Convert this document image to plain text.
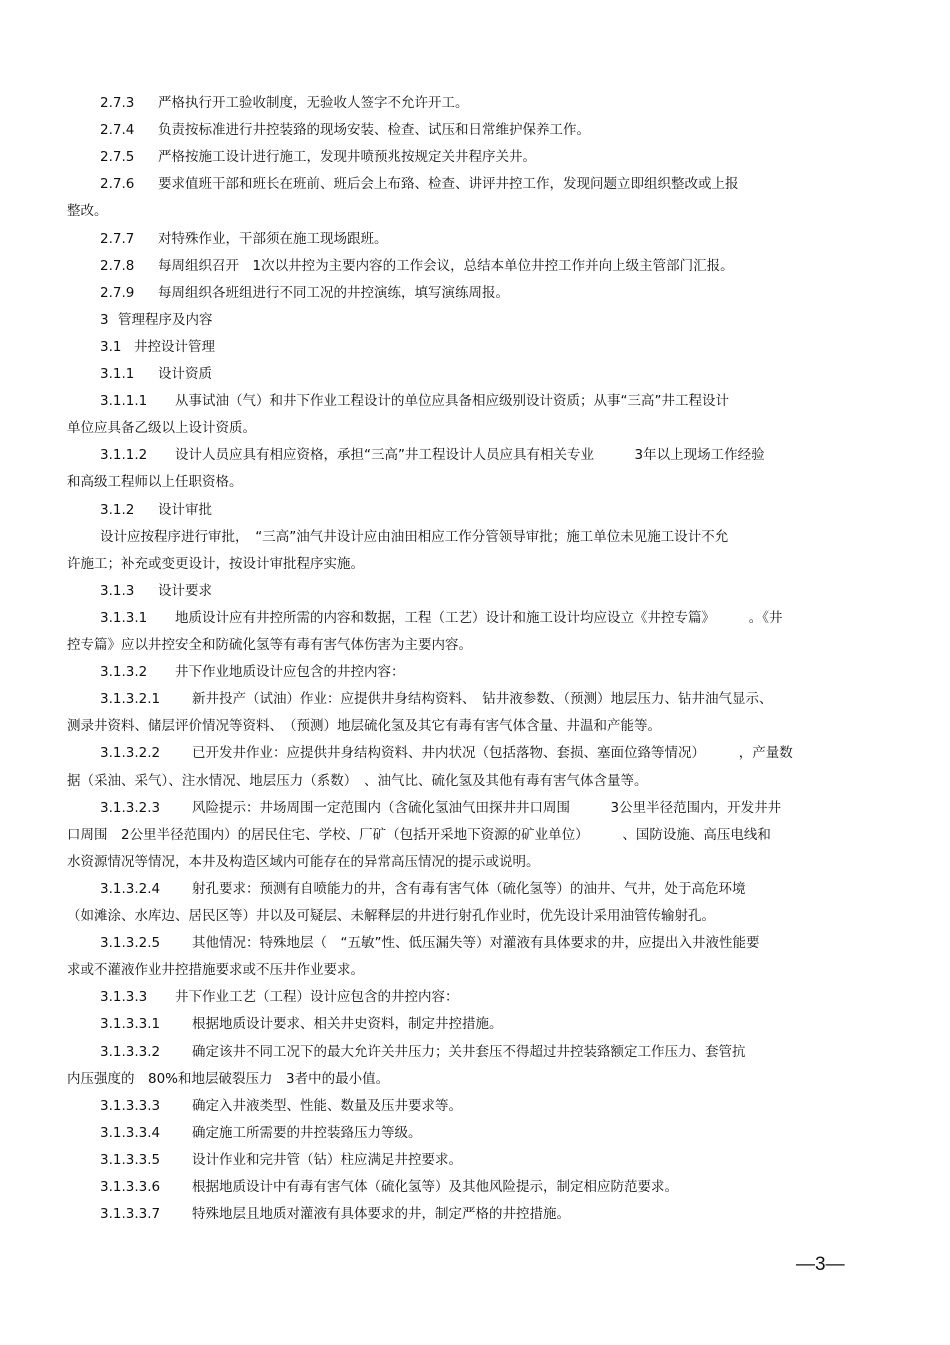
2.7.3 严格执行开工验收制度，无验收人签字不允许开工。
2.7.4 负责按标准进行井控装臵的现场安装、检查、试压和日常维护保养工作。
2.7.5 严格按施工设计进行施工，发现井喷预兆按规定关井程序关井。
2.7.6 要求值班干部和班长在班前、班后会上布臵、检查、讲评井控工作，发现问题立即组织整改或上报
整改。
2.7.7 对特殊作业，干部须在施工现场跟班。
2.7.8 每周组织召开　1次以井控为主要内容的工作会议，总结本单位井控工作并向上级主管部门汇报。
2.7.9 每周组织各班组进行不同工况的井控演练，填写演练周报。
3 管理程序及内容
3.1 井控设计管理
3.1.1 设计资质
3.1.1.1 从事试油（气）和井下作业工程设计的单位应具备相应级别设计资质；从事“三高”井工程设计
单位应具备乙级以上设计资质。
3.1.1.2 设计人员应具有相应资格，承担“三高”井工程设计人员应具有相关专业　　　3年以上现场工作经验
和高级工程师以上任职资格。
3.1.2 设计审批
设计应按程序进行审批，　“三高”油气井设计应由油田相应工作分管领导审批；施工单位未见施工设计不允
许施工；补充或变更设计，按设计审批程序实施。
3.1.3 设计要求
3.1.3.1 地质设计应有井控所需的内容和数据，工程（工艺）设计和施工设计均应设立《井控专篇》　　　。《井
控专篇》应以井控安全和防硫化氢等有毒有害气体伤害为主要内容。
3.1.3.2 井下作业地质设计应包含的井控内容：
3.1.3.2.1 新井投产（试油）作业：应提供井身结构资料、　钻井液参数、（预测）地层压力、钻井油气显示、
测录井资料、储层评价情况等资料、　（预测）地层硫化氢及其它有毒有害气体含量、井温和产能等。
3.1.3.2.2 已开发井作业：应提供井身结构资料、井内状况（包括落物、套损、塞面位臵等情况）　　　，产量数
据（采油、采气）、注水情况、地层压力（系数）　、油气比、硫化氢及其他有毒有害气体含量等。
3.1.3.2.3 风险提示：井场周围一定范围内（含硫化氢油气田探井井口周围　　　3公里半径范围内，开发井井
口周围　2公里半径范围内）的居民住宅、学校、厂矿（包括开采地下资源的矿业单位）　　　、国防设施、高压电线和
水资源情况等情况，本井及构造区域内可能存在的异常高压情况的提示或说明。
3.1.3.2.4 射孔要求：预测有自喷能力的井，含有毒有害气体（硫化氢等）的油井、气井，处于高危环境
（如滩涂、水库边、居民区等）井以及可疑层、未解释层的井进行射孔作业时，优先设计采用油管传输射孔。
3.1.3.2.5 其他情况：特殊地层（　“五敏”性、低压漏失等）对灌液有具体要求的井，应提出入井液性能要
求或不灌液作业井控措施要求或不压井作业要求。
3.1.3.3 井下作业工艺（工程）设计应包含的井控内容：
3.1.3.3.1 根据地质设计要求、相关井史资料，制定井控措施。
3.1.3.3.2 确定该井不同工况下的最大允许关井压力；关井套压不得超过井控装臵额定工作压力、套管抗
内压强度的　80%和地层破裂压力　3者中的最小值。
3.1.3.3.3 确定入井液类型、性能、数量及压井要求等。
3.1.3.3.4 确定施工所需要的井控装臵压力等级。
3.1.3.3.5 设计作业和完井管（钻）柱应满足井控要求。
3.1.3.3.6 根据地质设计中有毒有害气体（硫化氢等）及其他风险提示，制定相应防范要求。
3.1.3.3.7 特殊地层且地质对灌液有具体要求的井，制定严格的井控措施。
—3—
